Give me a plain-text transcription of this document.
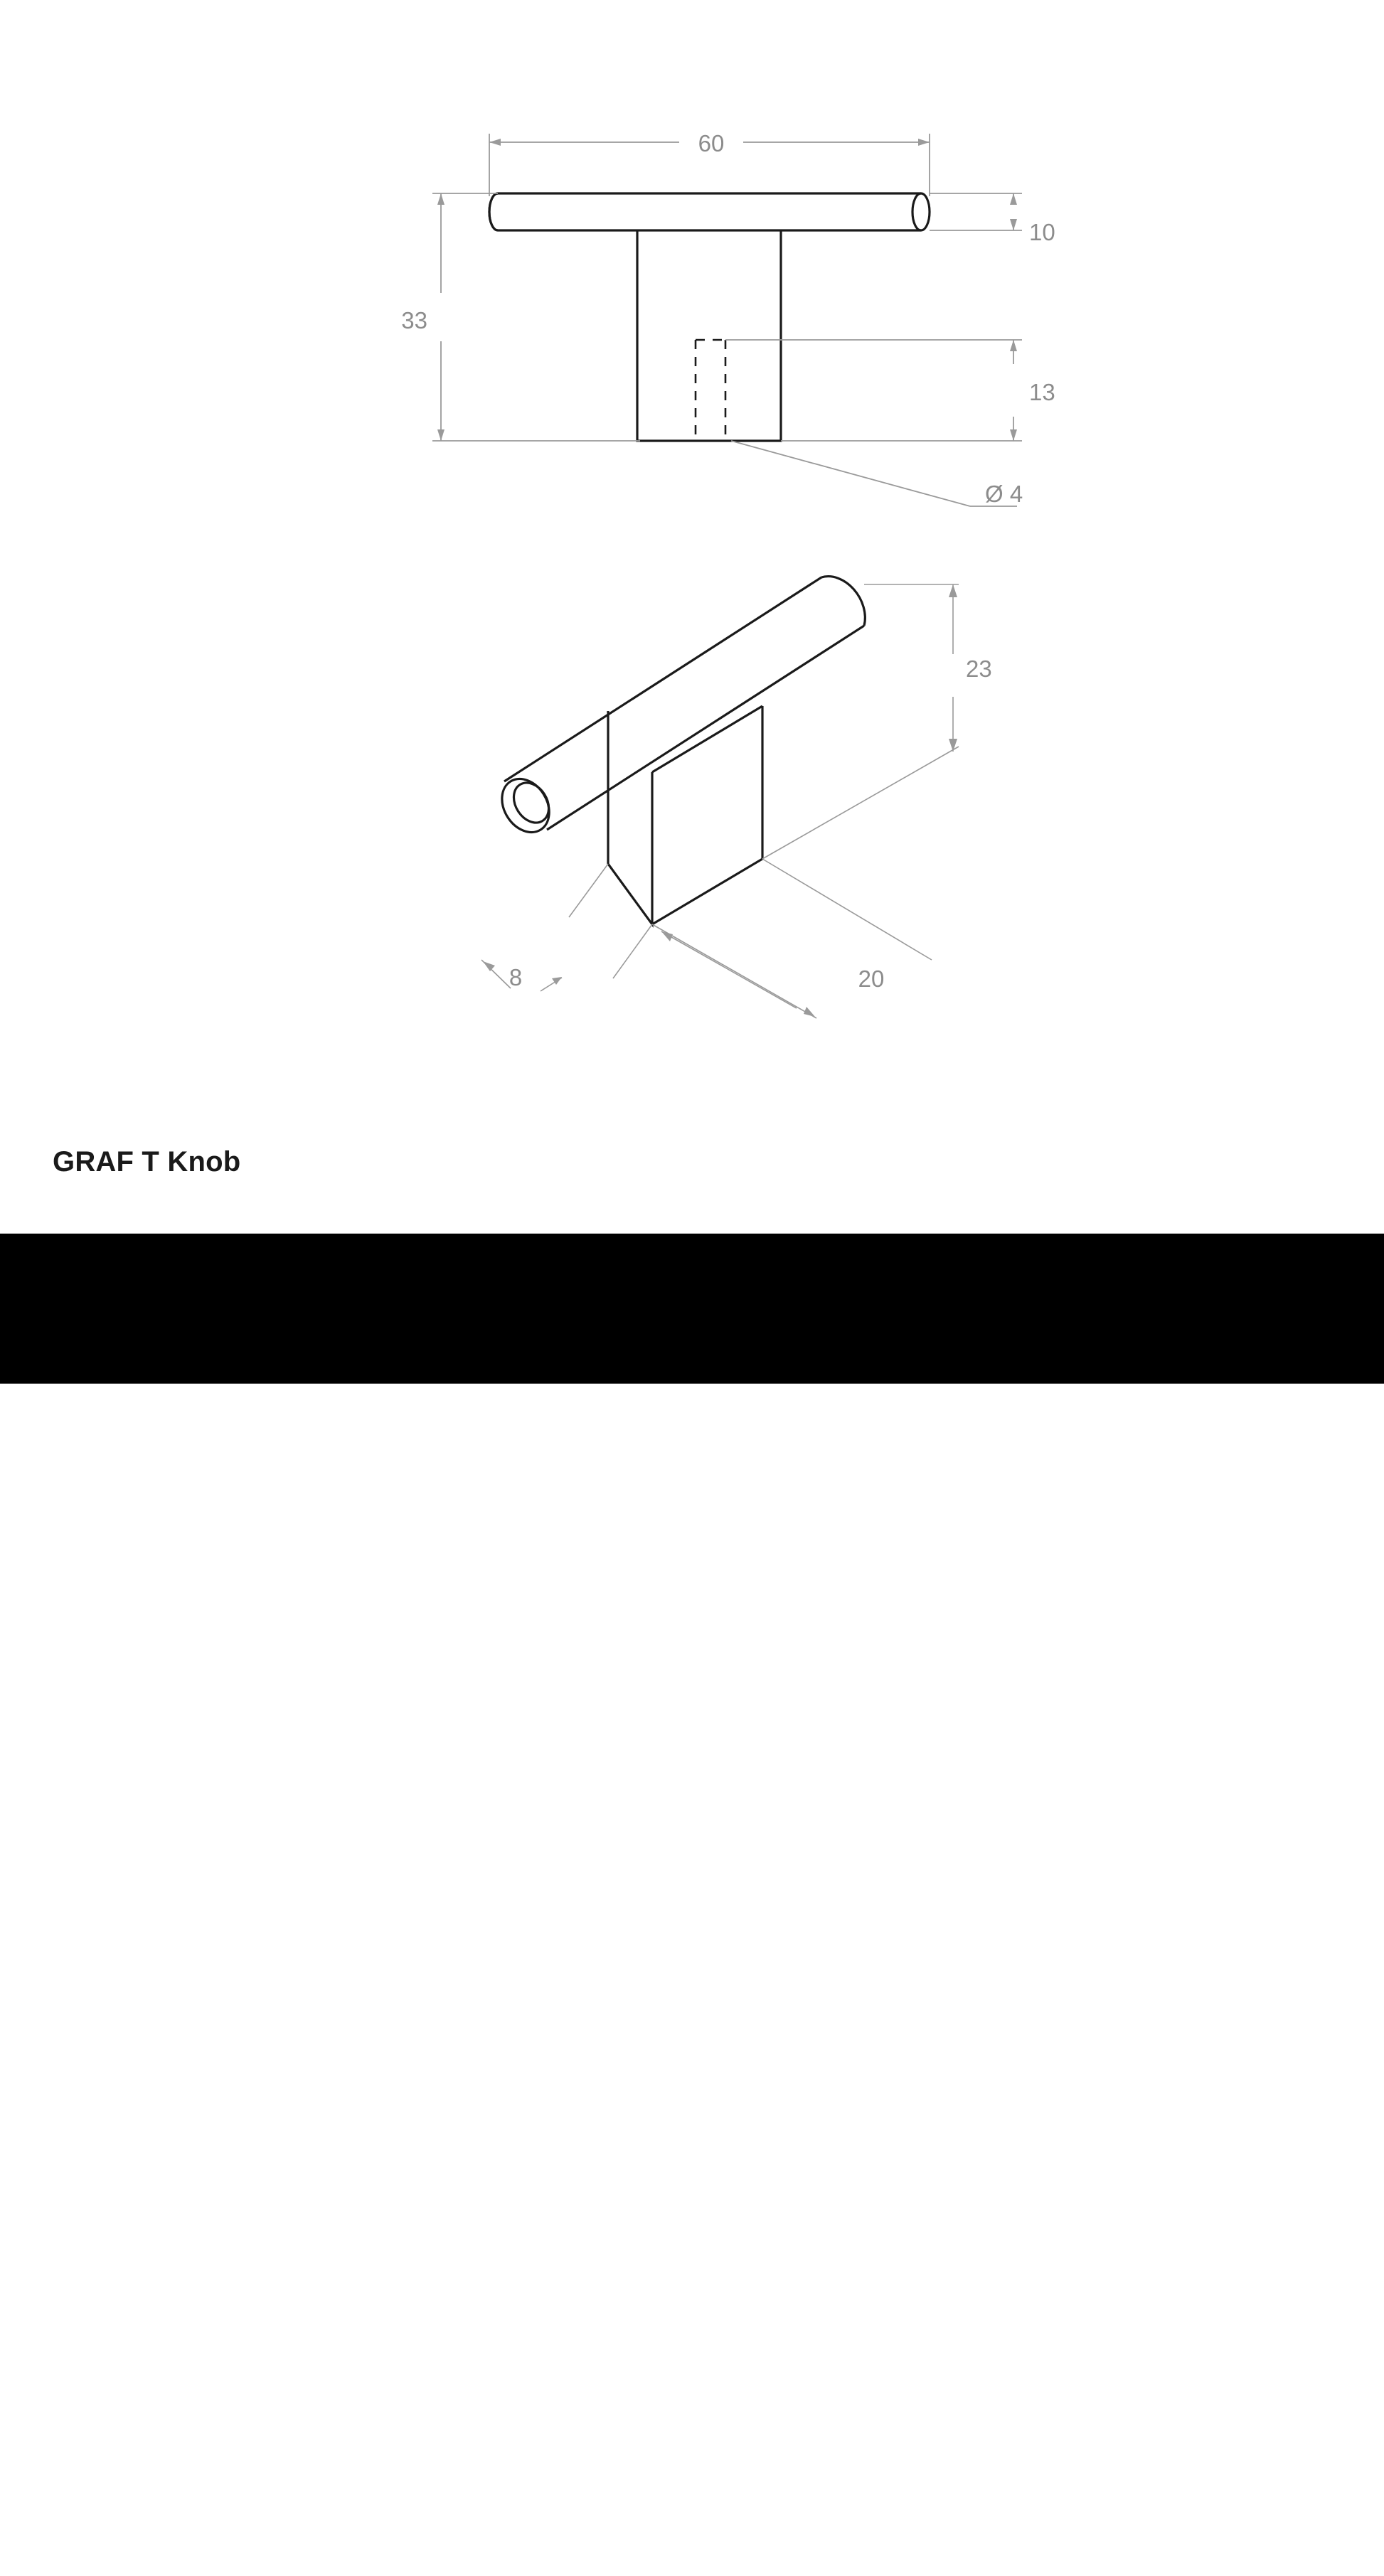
60
10
33
13
Ø 4
23
8	20
GRAF T Knob
BUILDMAT	MOMO
HANDLES
